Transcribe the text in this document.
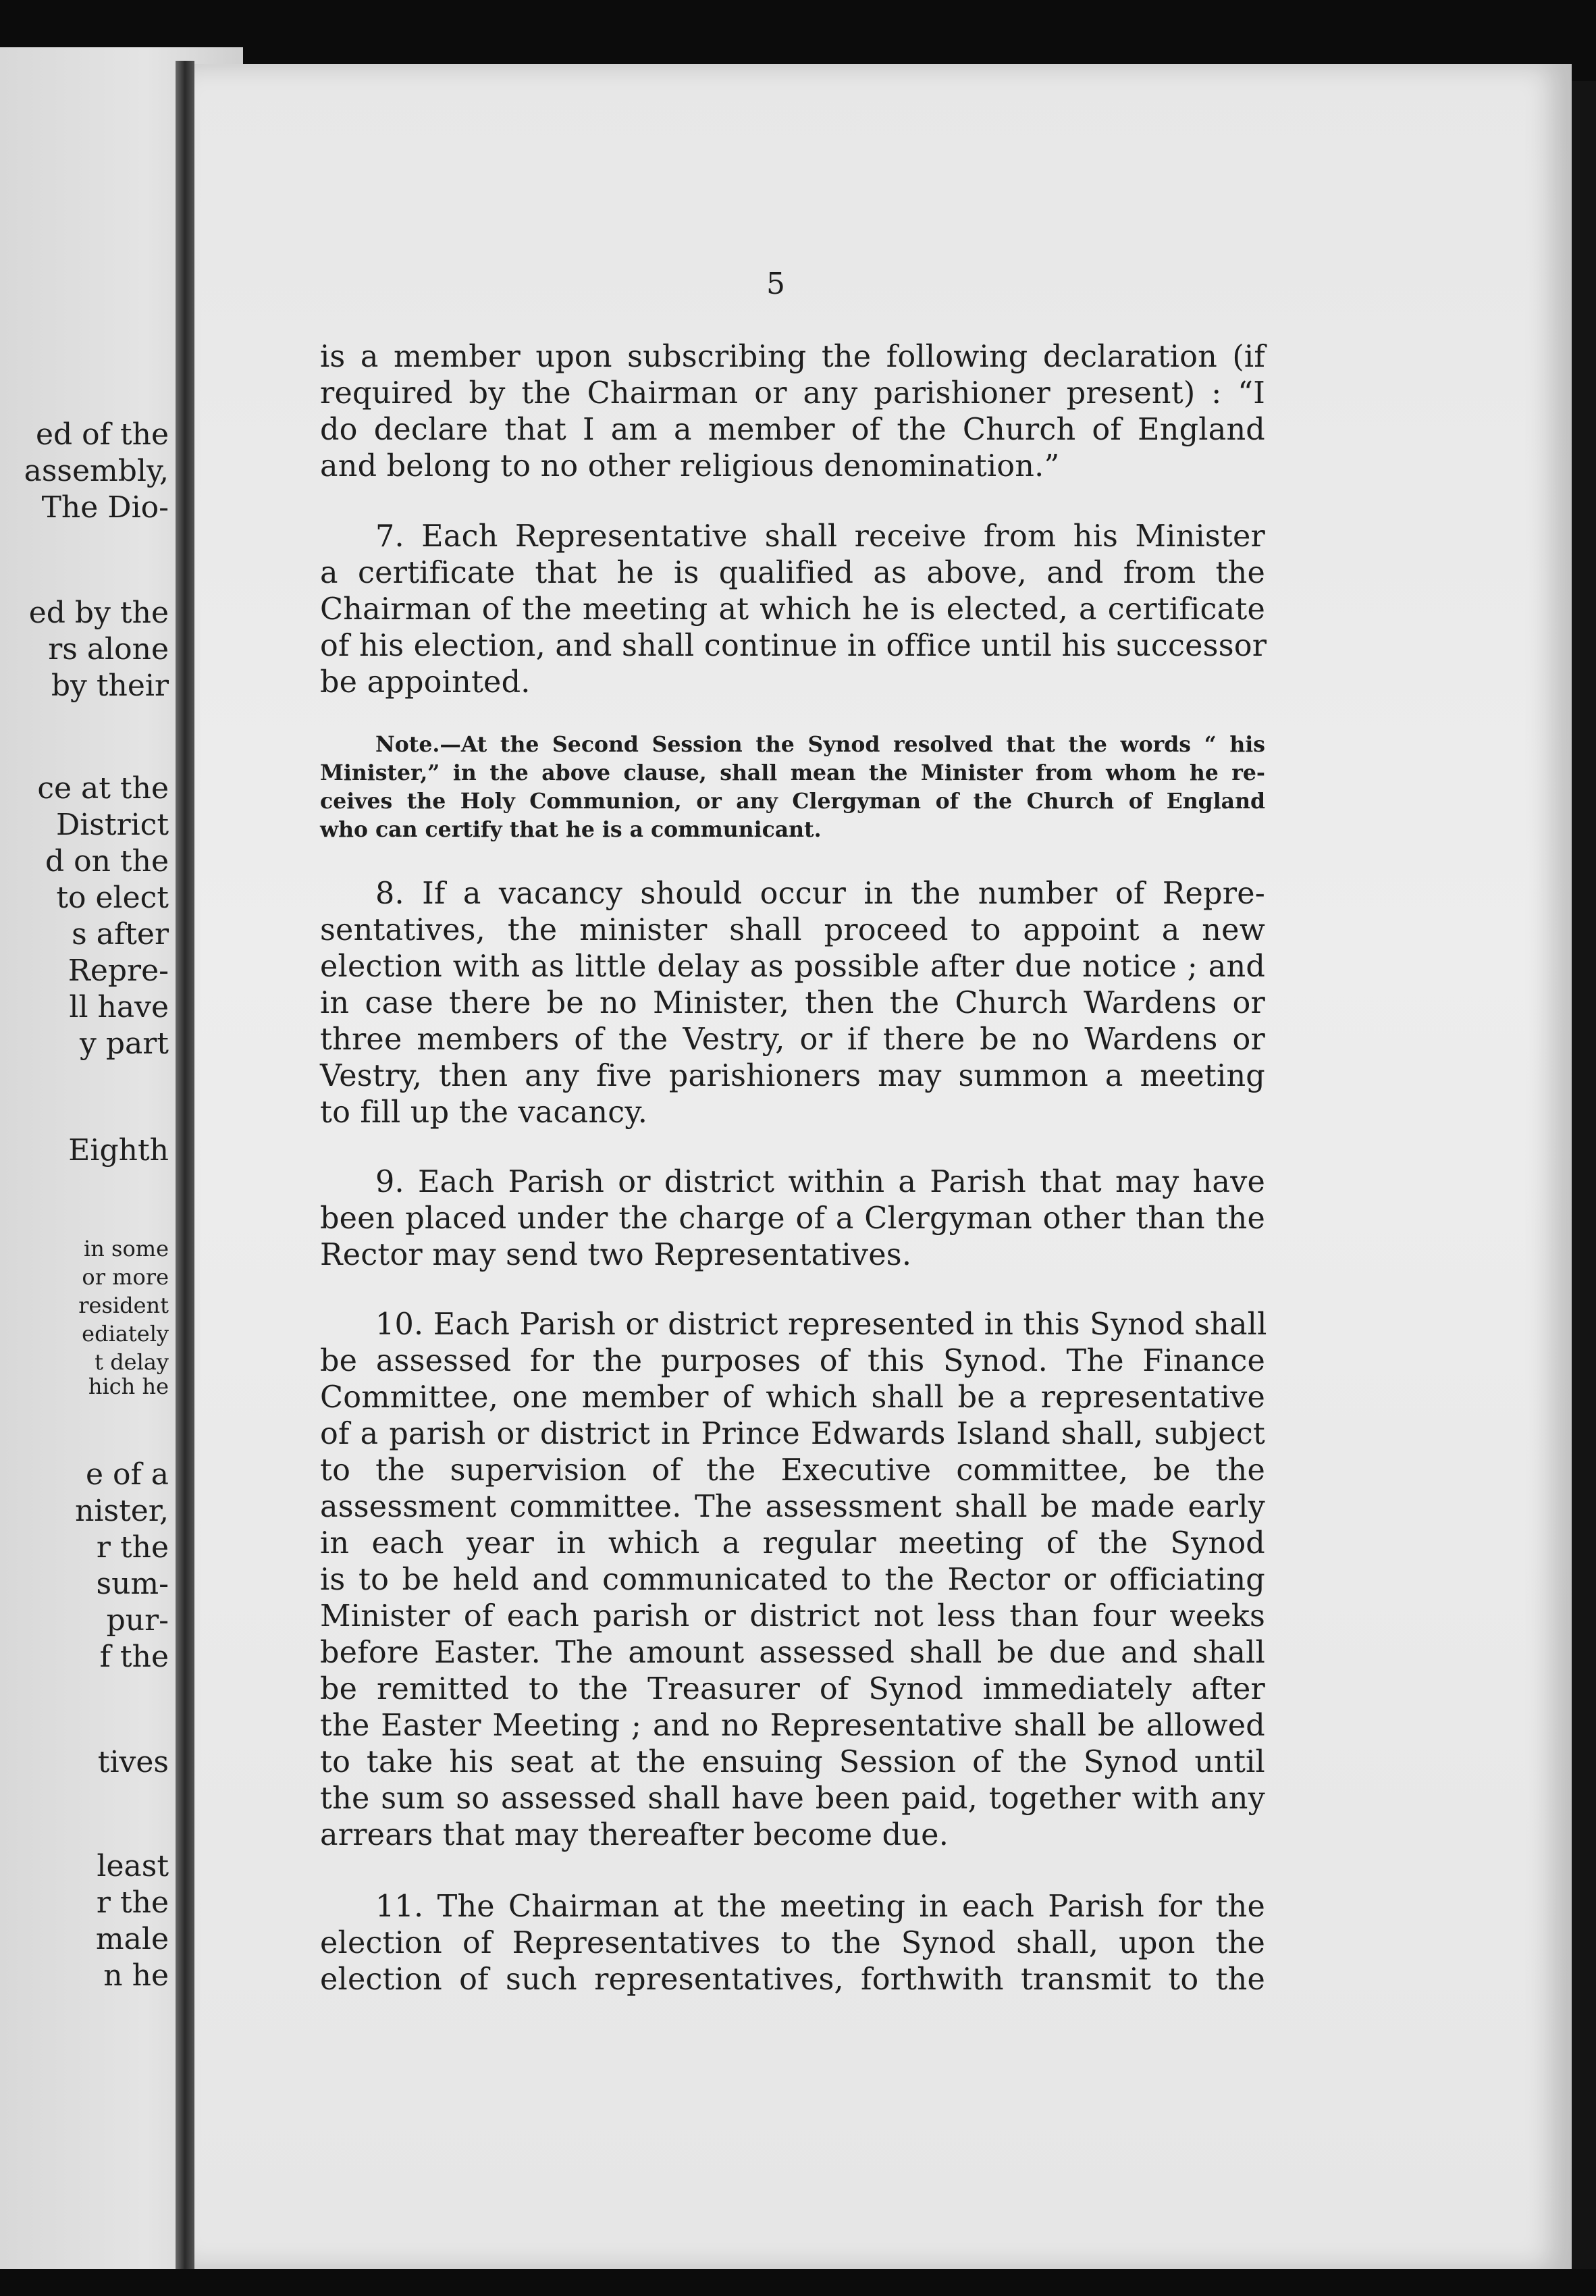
ed of the
assembly,
The Dio-
ed by the
rs alone
by their
ce at the
District
d on the
to elect
s after
Repre-
ll have
y part
Eighth
in some
or more
resident
ediately
t delay
hich he
e of a
nister,
r the
sum-
pur-
f the
tives
least
r the
male
n he
5
is a member upon subscribing the following declaration (if
required by the Chairman or any parishioner present) : “I
do declare that I am a member of the Church of England
and belong to no other religious denomination.”
7. Each Representative shall receive from his Minister
a certificate that he is qualified as above, and from the
Chairman of the meeting at which he is elected, a certificate
of his election, and shall continue in office until his successor
be appointed.
Note.—At the Second Session the Synod resolved that the words “ his
Minister,” in the above clause, shall mean the Minister from whom he re-
ceives the Holy Communion, or any Clergyman of the Church of England
who can certify that he is a communicant.
8. If a vacancy should occur in the number of Repre-
sentatives, the minister shall proceed to appoint a new
election with as little delay as possible after due notice ; and
in case there be no Minister, then the Church Wardens or
three members of the Vestry, or if there be no Wardens or
Vestry, then any five parishioners may summon a meeting
to fill up the vacancy.
9. Each Parish or district within a Parish that may have
been placed under the charge of a Clergyman other than the
Rector may send two Representatives.
10. Each Parish or district represented in this Synod shall
be assessed for the purposes of this Synod. The Finance
Committee, one member of which shall be a representative
of a parish or district in Prince Edwards Island shall, subject
to the supervision of the Executive committee, be the
assessment committee. The assessment shall be made early
in each year in which a regular meeting of the Synod
is to be held and communicated to the Rector or officiating
Minister of each parish or district not less than four weeks
before Easter. The amount assessed shall be due and shall
be remitted to the Treasurer of Synod immediately after
the Easter Meeting ; and no Representative shall be allowed
to take his seat at the ensuing Session of the Synod until
the sum so assessed shall have been paid, together with any
arrears that may thereafter become due.
11. The Chairman at the meeting in each Parish for the
election of Representatives to the Synod shall, upon the
election of such representatives, forthwith transmit to the
